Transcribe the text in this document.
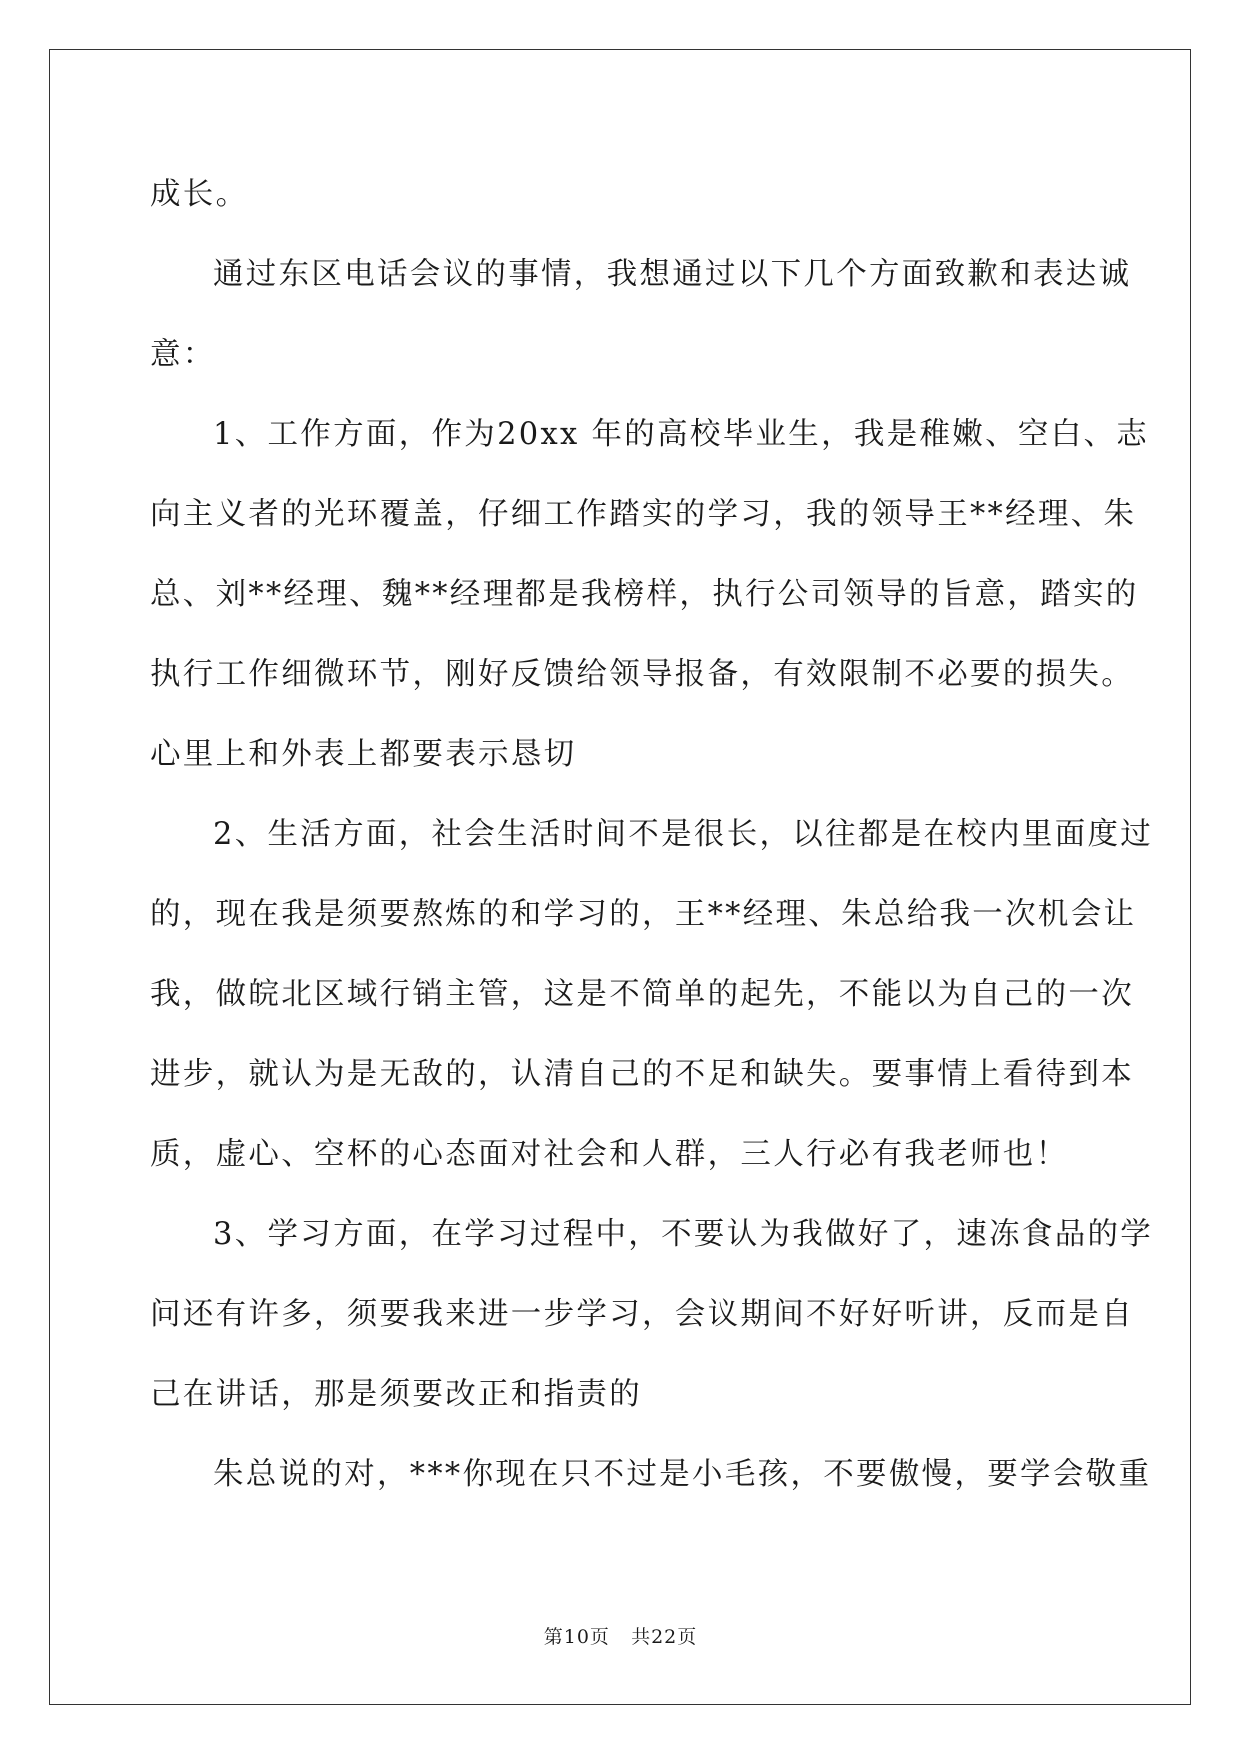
成长。
通过东区电话会议的事情，我想通过以下几个方面致歉和表达诚
意：
1、工作方面，作为20xx 年的高校毕业生，我是稚嫩、空白、志
向主义者的光环覆盖，仔细工作踏实的学习，我的领导王**经理、朱
总、刘**经理、魏**经理都是我榜样，执行公司领导的旨意，踏实的
执行工作细微环节，刚好反馈给领导报备，有效限制不必要的损失。
心里上和外表上都要表示恳切
2、生活方面，社会生活时间不是很长，以往都是在校内里面度过
的，现在我是须要熬炼的和学习的，王**经理、朱总给我一次机会让
我，做皖北区域行销主管，这是不简单的起先，不能以为自己的一次
进步，就认为是无敌的，认清自己的不足和缺失。要事情上看待到本
质，虚心、空杯的心态面对社会和人群，三人行必有我老师也！
3、学习方面，在学习过程中，不要认为我做好了，速冻食品的学
问还有许多，须要我来进一步学习，会议期间不好好听讲，反而是自
己在讲话，那是须要改正和指责的
朱总说的对，***你现在只不过是小毛孩，不要傲慢，要学会敬重
第10页 共22页
